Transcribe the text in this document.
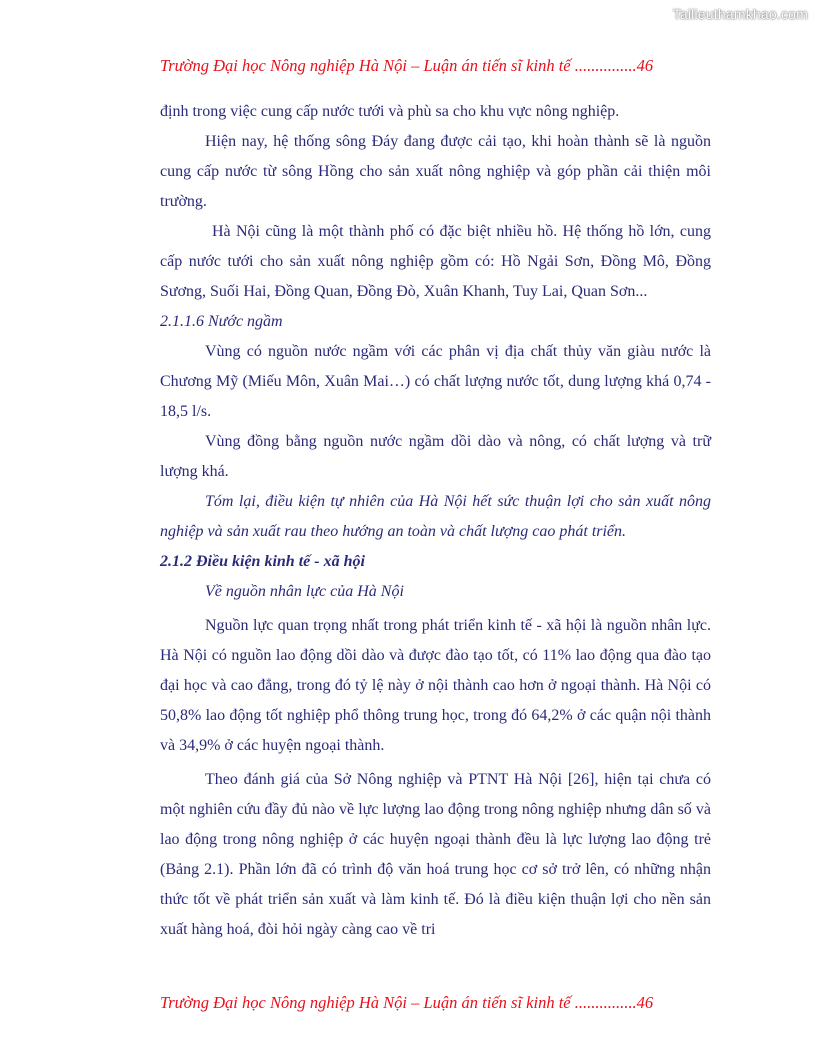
Tailieuthamkhao.com
Trường Đại học Nông nghiệp Hà Nội – Luận án tiến sĩ kinh tế ...............46

định trong việc cung cấp nước tưới và phù sa cho khu vực nông nghiệp.

Hiện nay, hệ thống sông Đáy đang được cải tạo, khi hoàn thành sẽ là nguồn cung cấp nước từ sông Hồng cho sản xuất nông nghiệp và góp phần cải thiện môi trường.

Hà Nội cũng là một thành phố có đặc biệt nhiều hồ. Hệ thống hồ lớn, cung cấp nước tưới cho sản xuất nông nghiệp gồm có: Hồ Ngải Sơn, Đồng Mô, Đồng Sương, Suối Hai, Đồng Quan, Đồng Đò, Xuân Khanh, Tuy Lai, Quan Sơn...

2.1.1.6 Nước ngầm

Vùng có nguồn nước ngầm với các phân vị địa chất thủy văn giàu nước là Chương Mỹ (Miếu Môn, Xuân Mai…) có chất lượng nước tốt, dung lượng khá 0,74 - 18,5 l/s.

Vùng đồng bằng nguồn nước ngầm dồi dào và nông, có chất lượng và trữ lượng khá.

Tóm lại, điều kiện tự nhiên của Hà Nội hết sức thuận lợi cho sản xuất nông nghiệp và sản xuất rau theo hướng an toàn và chất lượng cao phát triển.

2.1.2 Điều kiện kinh tế - xã hội

Về nguồn nhân lực của Hà Nội

Nguồn lực quan trọng nhất trong phát triển kinh tế - xã hội là nguồn nhân lực. Hà Nội có nguồn lao động dồi dào và được đào tạo tốt, có 11% lao động qua đào tạo đại học và cao đẳng, trong đó tỷ lệ này ở nội thành cao hơn ở ngoại thành. Hà Nội có 50,8% lao động tốt nghiệp phổ thông trung học, trong đó 64,2% ở các quận nội thành và 34,9% ở các huyện ngoại thành.

Theo đánh giá của Sở Nông nghiệp và PTNT Hà Nội [26], hiện tại chưa có một nghiên cứu đầy đủ nào về lực lượng lao động trong nông nghiệp nhưng dân số và lao động trong nông nghiệp ở các huyện ngoại thành đều là lực lượng lao động trẻ (Bảng 2.1). Phần lớn đã có trình độ văn hoá trung học cơ sở trở lên, có những nhận thức tốt về phát triển sản xuất và làm kinh tế. Đó là điều kiện thuận lợi cho nền sản xuất hàng hoá, đòi hỏi ngày càng cao về tri

Trường Đại học Nông nghiệp Hà Nội – Luận án tiến sĩ kinh tế ...............46
